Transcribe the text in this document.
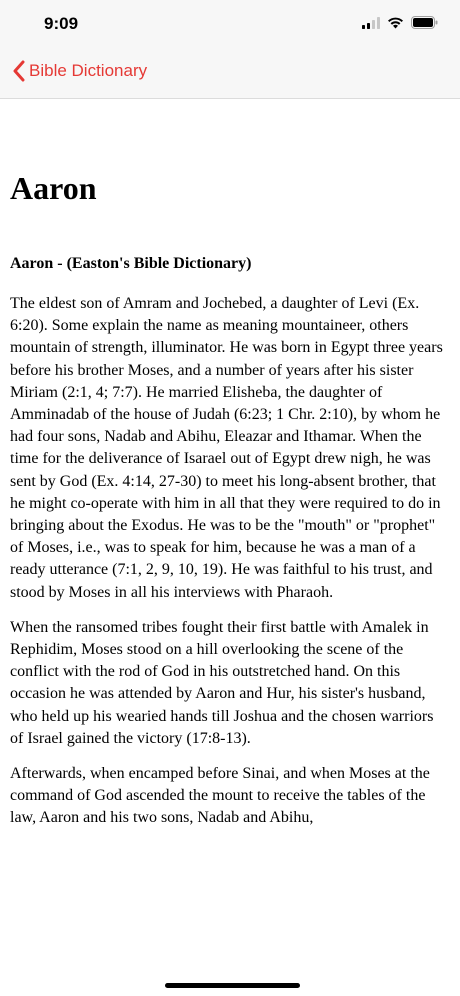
9:09
Bible Dictionary
Aaron
Aaron - (Easton's Bible Dictionary)

The eldest son of Amram and Jochebed, a daughter of Levi (Ex. 6:20). Some explain the name as meaning mountaineer, others mountain of strength, illuminator. He was born in Egypt three years before his brother Moses, and a number of years after his sister Miriam (2:1, 4; 7:7). He married Elisheba, the daughter of Amminadab of the house of Judah (6:23; 1 Chr. 2:10), by whom he had four sons, Nadab and Abihu, Eleazar and Ithamar. When the time for the deliverance of Isarael out of Egypt drew nigh, he was sent by God (Ex. 4:14, 27-30) to meet his long-absent brother, that he might co-operate with him in all that they were required to do in bringing about the Exodus. He was to be the "mouth" or "prophet" of Moses, i.e., was to speak for him, because he was a man of a ready utterance (7:1, 2, 9, 10, 19). He was faithful to his trust, and stood by Moses in all his interviews with Pharaoh.

When the ransomed tribes fought their first battle with Amalek in Rephidim, Moses stood on a hill overlooking the scene of the conflict with the rod of God in his outstretched hand. On this occasion he was attended by Aaron and Hur, his sister's husband, who held up his wearied hands till Joshua and the chosen warriors of Israel gained the victory (17:8-13).

Afterwards, when encamped before Sinai, and when Moses at the command of God ascended the mount to receive the tables of the law, Aaron and his two sons, Nadab and Abihu,
